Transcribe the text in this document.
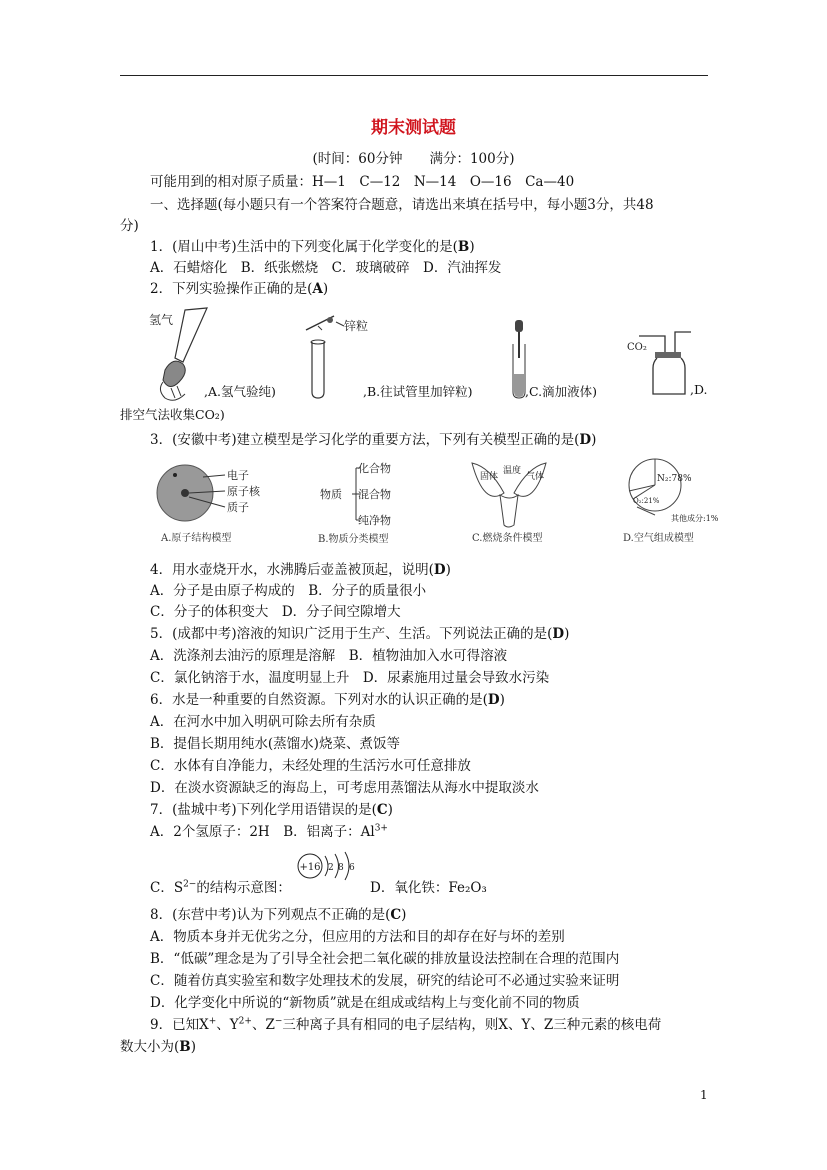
期末测试题
(时间：60分钟　　满分：100分)
可能用到的相对原子质量：H—1　C—12　N—14　O—16　Ca—40
一、选择题(每小题只有一个答案符合题意，请选出来填在括号中，每小题3分，共48
分)
1．(眉山中考)生活中的下列变化属于化学变化的是(B)
A．石蜡熔化　B．纸张燃烧　C．玻璃破碎　D．汽油挥发
2．下列实验操作正确的是(A)
氢气
,A.氢气验纯)
锌粒
,B.往试管里加锌粒)	,C.滴加液体)
CO₂
,D.
排空气法收集CO₂)
3．(安徽中考)建立模型是学习化学的重要方法，下列有关模型正确的是(D)
电子
原子核
质子
A.原子结构模型
物质
化合物
混合物
纯净物
B.物质分类模型
固体
温度
气体
C.燃烧条件模型
N₂:78%
O₂:21%
其他成分:1%
D.空气组成模型
4．用水壶烧开水，水沸腾后壶盖被顶起，说明(D)
A．分子是由原子构成的　B．分子的质量很小
C．分子的体积变大　D．分子间空隙增大
5．(成都中考)溶液的知识广泛用于生产、生活。下列说法正确的是(D)
A．洗涤剂去油污的原理是溶解　B．植物油加入水可得溶液
C．氯化钠溶于水，温度明显上升　D．尿素施用过量会导致水污染
6．水是一种重要的自然资源。下列对水的认识正确的是(D)
A．在河水中加入明矾可除去所有杂质
B．提倡长期用纯水(蒸馏水)烧菜、煮饭等
C．水体有自净能力，未经处理的生活污水可任意排放
D．在淡水资源缺乏的海岛上，可考虑用蒸馏法从海水中提取淡水
7．(盐城中考)下列化学用语错误的是(C)
A．2个氢原子：2H　B．铝离子：$Al^{3+}$
+16 2 8 6
C．$S^{2-}$的结构示意图：	D．氧化铁：Fe₂O₃
8．(东营中考)认为下列观点不正确的是(C)
A．物质本身并无优劣之分，但应用的方法和目的却存在好与坏的差别
B．“低碳”理念是为了引导全社会把二氧化碳的排放量设法控制在合理的范围内
C．随着仿真实验室和数字处理技术的发展，研究的结论可不必通过实验来证明
D．化学变化中所说的“新物质”就是在组成或结构上与变化前不同的物质
9．已知X+、$Y^{2+}$、Z−三种离子具有相同的电子层结构，则X、Y、Z三种元素的核电荷
数大小为(B)
1
